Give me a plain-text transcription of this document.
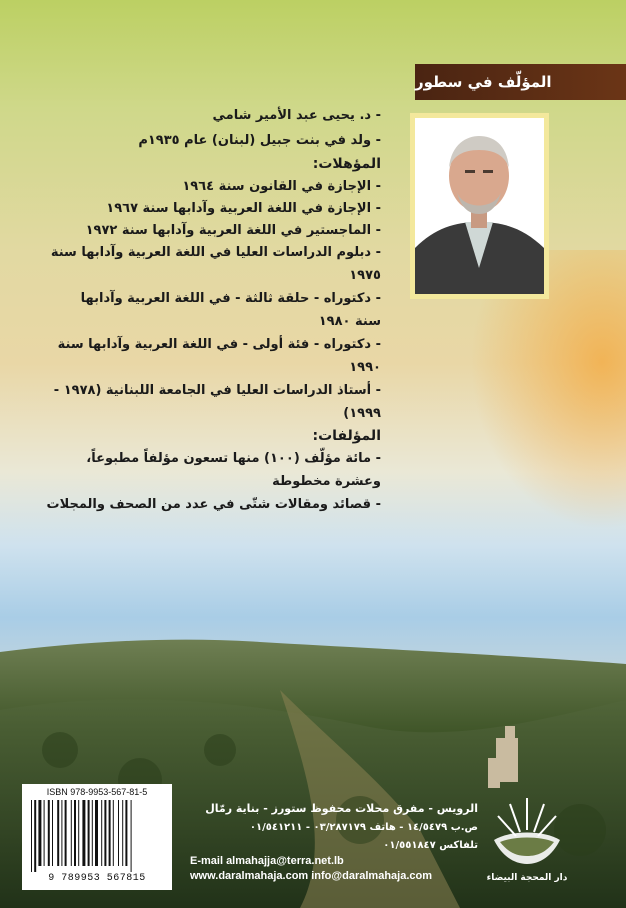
المؤلّف في سطور
- د. يحيى عبد الأمير شامي
- ولد في بنت جبيل (لبنان) عام ١٩٣٥م
المؤهلات:
- الإجازة في القانون سنة ١٩٦٤
- الإجازة في اللغة العربية وآدابها سنة ١٩٦٧
- الماجستير في اللغة العربية وآدابها سنة ١٩٧٢
- دبلوم الدراسات العليا في اللغة العربية وآدابها سنة
١٩٧٥
- دكتوراه - حلقة ثالثة - في اللغة العربية وآدابها
سنة ١٩٨٠
- دكتوراه - فئة أولى - في اللغة العربية وآدابها سنة
١٩٩٠
- أستاذ الدراسات العليا في الجامعة اللبنانية (١٩٧٨ -
١٩٩٩)
المؤلفات:
- مائة مؤلّف (١٠٠) منها تسعون مؤلفاً مطبوعاً،
وعشرة مخطوطة
- قصائد ومقالات شتّى في عدد من الصحف والمجلات
ISBN 978-9953-567-81-5
9 789953 567815
الرويس - مفرق محلات محفوظ ستورز - بناية رمّال
ص.ب ١٤/٥٤٧٩ - هاتف ٠٣/٢٨٧١٧٩ - ٠١/٥٤١٢١١
تلفاكس ٠١/٥٥١٨٤٧
E-mail almahajja@terra.net.lb
www.daralmahaja.com info@daralmahaja.com	دار المحجة البيضاء
